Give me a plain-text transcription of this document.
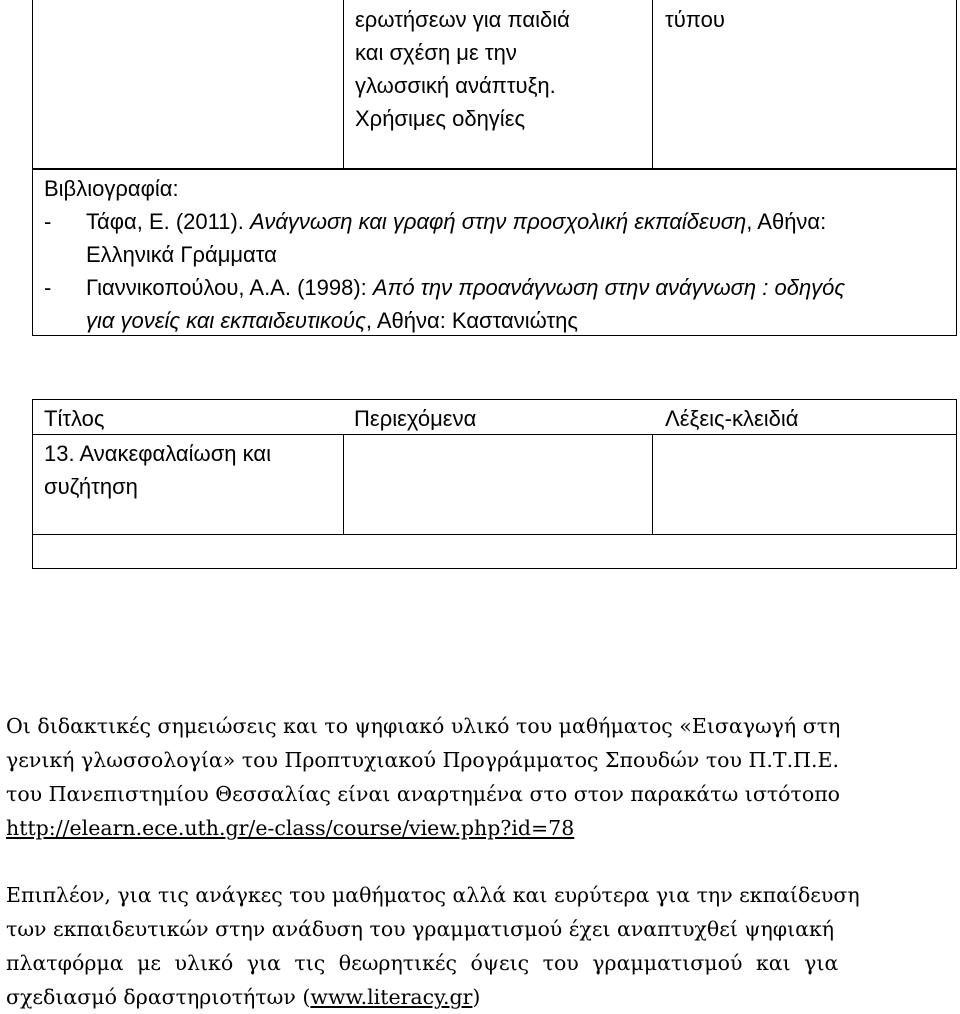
ερωτήσεων για παιδιά
και σχέση με την
γλωσσική ανάπτυξη.
Χρήσιμες οδηγίες
τύπου
Βιβλιογραφία:
- Τάφα, Ε. (2011). Ανάγνωση και γραφή στην προσχολική εκπαίδευση, Αθήνα:
Ελληνικά Γράμματα
- Γιαννικοπούλου, Α.Α. (1998): Από την προανάγνωση στην ανάγνωση : οδηγός
για γονείς και εκπαιδευτικούς, Αθήνα: Καστανιώτης
Τίτλος	Περιεχόμενα	Λέξεις-κλειδιά
13. Ανακεφαλαίωση και
συζήτηση
Οι διδακτικές σημειώσεις και το ψηφιακό υλικό του μαθήματος «Εισαγωγή στη
γενική γλωσσολογία» του Προπτυχιακού Προγράμματος Σπουδών του Π.Τ.Π.Ε.
του Πανεπιστημίου Θεσσαλίας είναι αναρτημένα στο στον παρακάτω ιστότοπο
http://elearn.ece.uth.gr/e-class/course/view.php?id=78
Επιπλέον, για τις ανάγκες του μαθήματος αλλά και ευρύτερα για την εκπαίδευση
των εκπαιδευτικών στην ανάδυση του γραμματισμού έχει αναπτυχθεί ψηφιακή
πλατφόρμα με υλικό για τις θεωρητικές όψεις του γραμματισμού και για
σχεδιασμό δραστηριοτήτων (www.literacy.gr)
